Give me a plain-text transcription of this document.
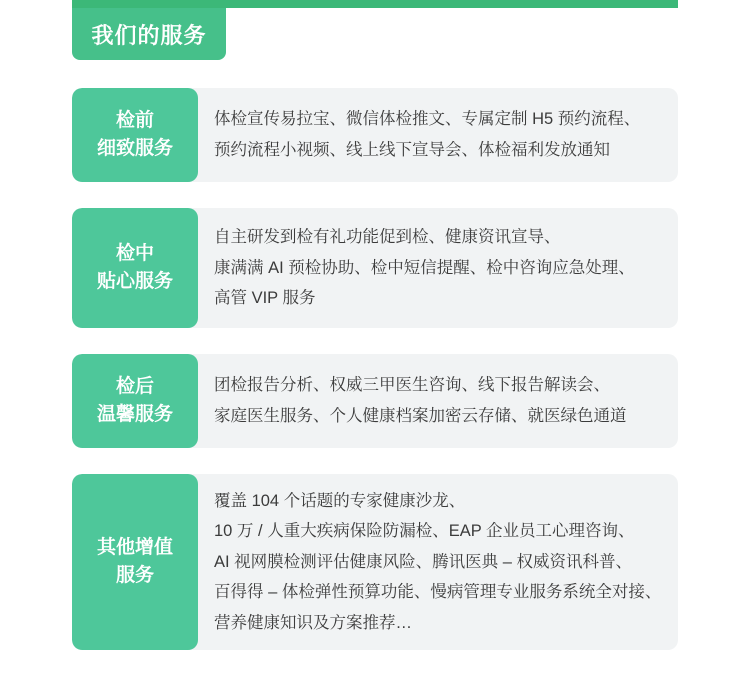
我们的服务
检前
细致服务
体检宣传易拉宝、微信体检推文、专属定制 H5 预约流程、
预约流程小视频、线上线下宣导会、体检福利发放通知
检中
贴心服务
自主研发到检有礼功能促到检、健康资讯宣导、
康满满 AI 预检协助、检中短信提醒、检中咨询应急处理、
高管 VIP 服务
检后
温馨服务
团检报告分析、权威三甲医生咨询、线下报告解读会、
家庭医生服务、个人健康档案加密云存储、就医绿色通道
其他增值
服务
覆盖 104 个话题的专家健康沙龙、
10 万 / 人重大疾病保险防漏检、EAP 企业员工心理咨询、
AI 视网膜检测评估健康风险、腾讯医典 – 权威资讯科普、
百得得 – 体检弹性预算功能、慢病管理专业服务系统全对接、
营养健康知识及方案推荐…
